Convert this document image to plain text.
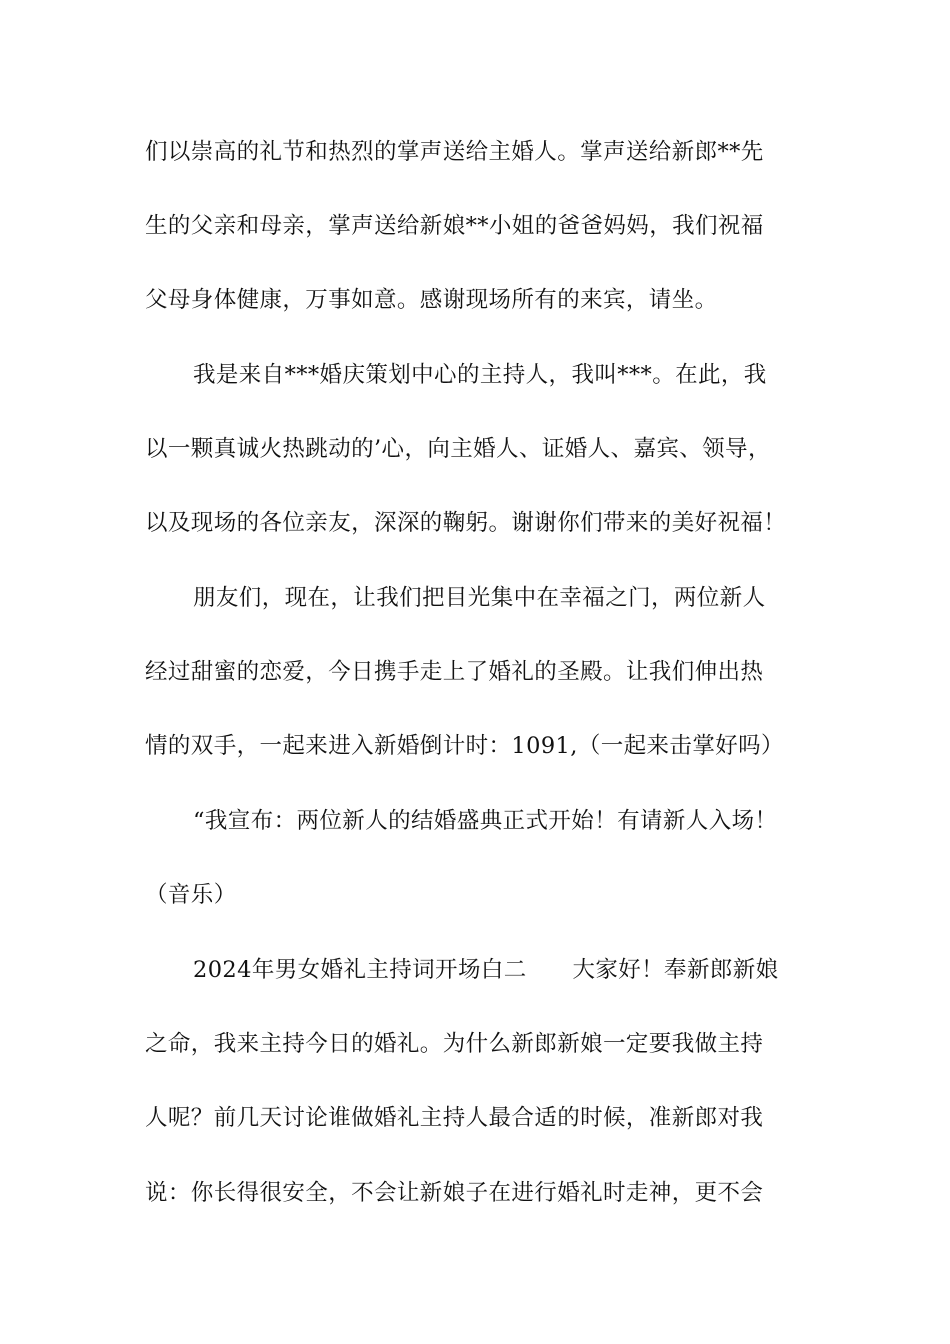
们以崇高的礼节和热烈的掌声送给主婚人。掌声送给新郎**先
生的父亲和母亲，掌声送给新娘**小姐的爸爸妈妈，我们祝福
父母身体健康，万事如意。感谢现场所有的来宾，请坐。
我是来自***婚庆策划中心的主持人，我叫***。在此，我
以一颗真诚火热跳动的’心，向主婚人、证婚人、嘉宾、领导，
以及现场的各位亲友，深深的鞠躬。谢谢你们带来的美好祝福！
朋友们，现在，让我们把目光集中在幸福之门，两位新人
经过甜蜜的恋爱，今日携手走上了婚礼的圣殿。让我们伸出热
情的双手，一起来进入新婚倒计时：1091,（一起来击掌好吗）
“我宣布：两位新人的结婚盛典正式开始！有请新人入场！
（音乐）
2024年男女婚礼主持词开场白二　　大家好！奉新郎新娘
之命，我来主持今日的婚礼。为什么新郎新娘一定要我做主持
人呢？前几天讨论谁做婚礼主持人最合适的时候，准新郎对我
说：你长得很安全，不会让新娘子在进行婚礼时走神，更不会
